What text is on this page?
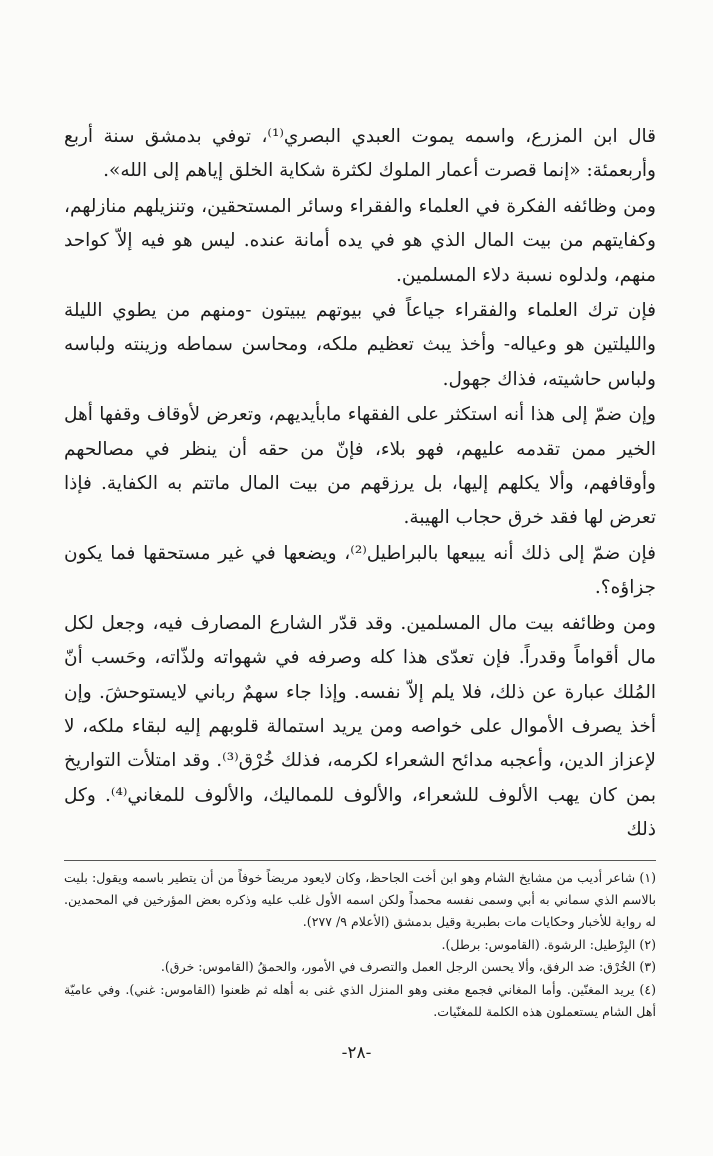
قال ابن المزرع، واسمه يموت العبدي البصري⁽¹⁾، توفي بدمشق سنة أربع وأربعمئة: «إنما قصرت أعمار الملوك لكثرة شكاية الخلق إياهم إلى الله».

ومن وظائفه الفكرة في العلماء والفقراء وسائر المستحقين، وتنزيلهم منازلهم، وكفايتهم من بيت المال الذي هو في يده أمانة عنده. ليس هو فيه إلاّ كواحد منهم، ولدلوه نسبة دلاء المسلمين.

فإن ترك العلماء والفقراء جياعاً في بيوتهم يبيتون -ومنهم من يطوي الليلة والليلتين هو وعياله- وأخذ يبث تعظيم ملكه، ومحاسن سماطه وزينته ولباسه ولباس حاشيته، فذاك جهول.

وإن ضمّ إلى هذا أنه استكثر على الفقهاء مابأيديهم، وتعرض لأوقاف وقفها أهل الخير ممن تقدمه عليهم، فهو بلاء، فإنّ من حقه أن ينظر في مصالحهم وأوقافهم، وألا يكلهم إليها، بل يرزقهم من بيت المال ماتتم به الكفاية. فإذا تعرض لها فقد خرق حجاب الهيبة.

فإن ضمّ إلى ذلك أنه يبيعها بالبراطيل⁽²⁾، ويضعها في غير مستحقها فما يكون جزاؤه؟.

ومن وظائفه بيت مال المسلمين. وقد قدّر الشارع المصارف فيه، وجعل لكل مال أقواماً وقدراً. فإن تعدّى هذا كله وصرفه في شهواته ولذّاته، وحَسب أنّ المُلك عبارة عن ذلك، فلا يلم إلاّ نفسه. وإذا جاء سهمٌ رباني لايستوحشَ. وإن أخذ يصرف الأموال على خواصه ومن يريد استمالة قلوبهم إليه لبقاء ملكه، لا لإعزاز الدين، وأعجبه مدائح الشعراء لكرمه، فذلك خُرْق⁽³⁾. وقد امتلأت التواريخ بمن كان يهب الألوف للشعراء، والألوف للمماليك، والألوف للمغاني⁽⁴⁾. وكل ذلك

(١) شاعر أديب من مشايخ الشام وهو ابن أخت الجاحظ، وكان لايعود مريضاً خوفاً من أن يتطير باسمه ويقول: بليت بالاسم الذي سماني به أبي وسمى نفسه محمداً ولكن اسمه الأول غلب عليه وذكره بعض المؤرخين في المحمدين. له رواية للأخبار وحكايات مات بطبرية وقيل بدمشق (الأعلام ٩/ ٢٧٧).

(٢) البِرْطيل: الرشوة. (القاموس: برطل).

(٣) الخُرْق: ضد الرفق، وألا يحسن الرجل العمل والتصرف في الأمور، والحمقُ (القاموس: خرق).

(٤) يريد المغنّين. وأما المغاني فجمع مغنى وهو المنزل الذي غنى به أهله ثم ظعنوا (القاموس: غني). وفي عاميّة أهل الشام يستعملون هذه الكلمة للمغنّيات.

-٢٨-
